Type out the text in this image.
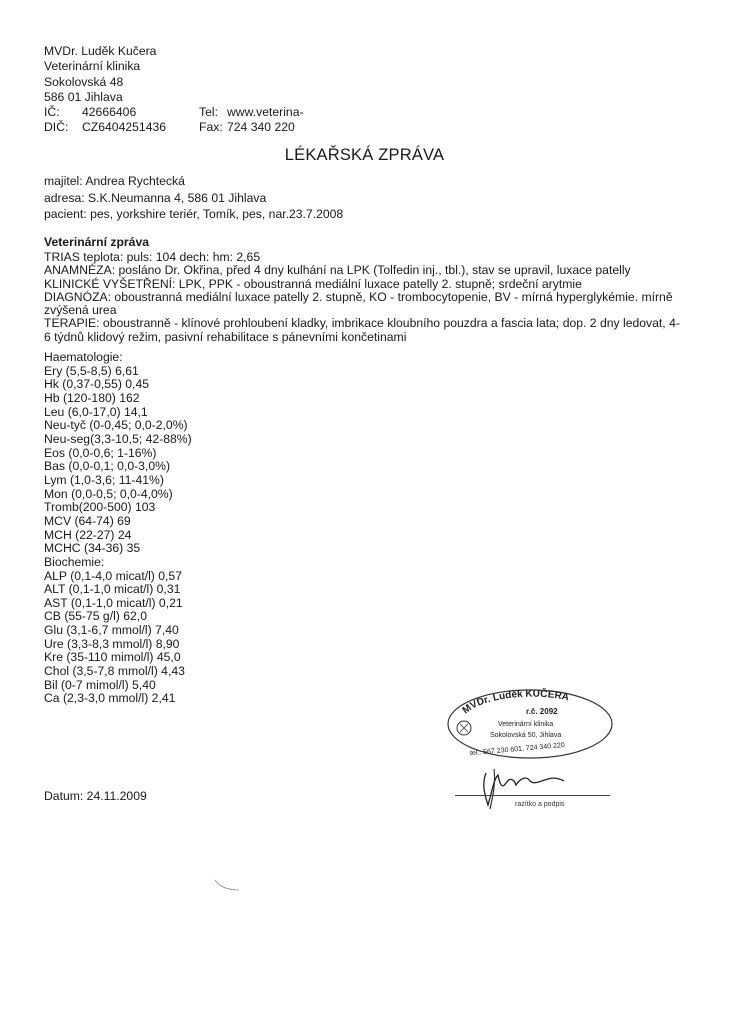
MVDr. Luděk Kučera
Veterinární klinika
Sokolovská 48
586 01 Jihlava
IČ: 42666406
DIČ: CZ6404251436
Tel: www.veterina-
Fax: 724 340 220
LÉKAŘSKÁ ZPRÁVA
majitel: Andrea Rychtecká
adresa: S.K.Neumanna 4, 586 01 Jihlava
pacient: pes, yorkshire teriér, Tomík, pes, nar.23.7.2008
Veterinární zpráva
TRIAS teplota: puls: 104 dech: hm: 2,65
ANAMNÉZA: posláno Dr. Okřina, před 4 dny kulhání na LPK (Tolfedin inj., tbl.), stav se upravil, luxace patelly
KLINICKÉ VYŠETŘENÍ: LPK, PPK - oboustranná mediální luxace patelly 2. stupně; srdeční arytmie
DIAGNÓZA: oboustranná mediální luxace patelly 2. stupně, KO - trombocytopenie, BV - mírná hyperglykémie. mírně zvýšená urea
TERAPIE: oboustranně - klínové prohloubení kladky, imbrikace kloubního pouzdra a fascia lata; dop. 2 dny ledovat, 4-6 týdnů klidový režim, pasivní rehabilitace s pánevními končetinami
Haematologie:
Ery (5,5-8,5) 6,61
Hk (0,37-0,55) 0,45
Hb (120-180) 162
Leu (6,0-17,0) 14,1
Neu-tyč (0-0,45; 0,0-2,0%)
Neu-seg(3,3-10,5; 42-88%)
Eos (0,0-0,6; 1-16%)
Bas (0,0-0,1; 0,0-3,0%)
Lym (1,0-3,6; 11-41%)
Mon (0,0-0,5; 0,0-4,0%)
Tromb(200-500) 103
MCV (64-74) 69
MCH (22-27) 24
MCHC (34-36) 35
Biochemie:
ALP (0,1-4,0 micat/l) 0,57
ALT (0,1-1,0 micat/l) 0,31
AST (0,1-1,0 micat/l) 0,21
CB (55-75 g/l) 62,0
Glu (3,1-6,7 mmol/l) 7,40
Ure (3,3-8,3 mmol/l) 8,90
Kre (35-110 mimol/l) 45,0
Chol (3,5-7,8 mmol/l) 4,43
Bil (0-7 mimol/l) 5,40
Ca (2,3-3,0 mmol/l) 2,41
Datum: 24.11.2009
MVDr. Luděk KUČERA
r.č. 2092
Veterinární klinika
Sokolovská 50, Jihlava
tel.: 567 230 601, 724 340 220
razítko a podpis
